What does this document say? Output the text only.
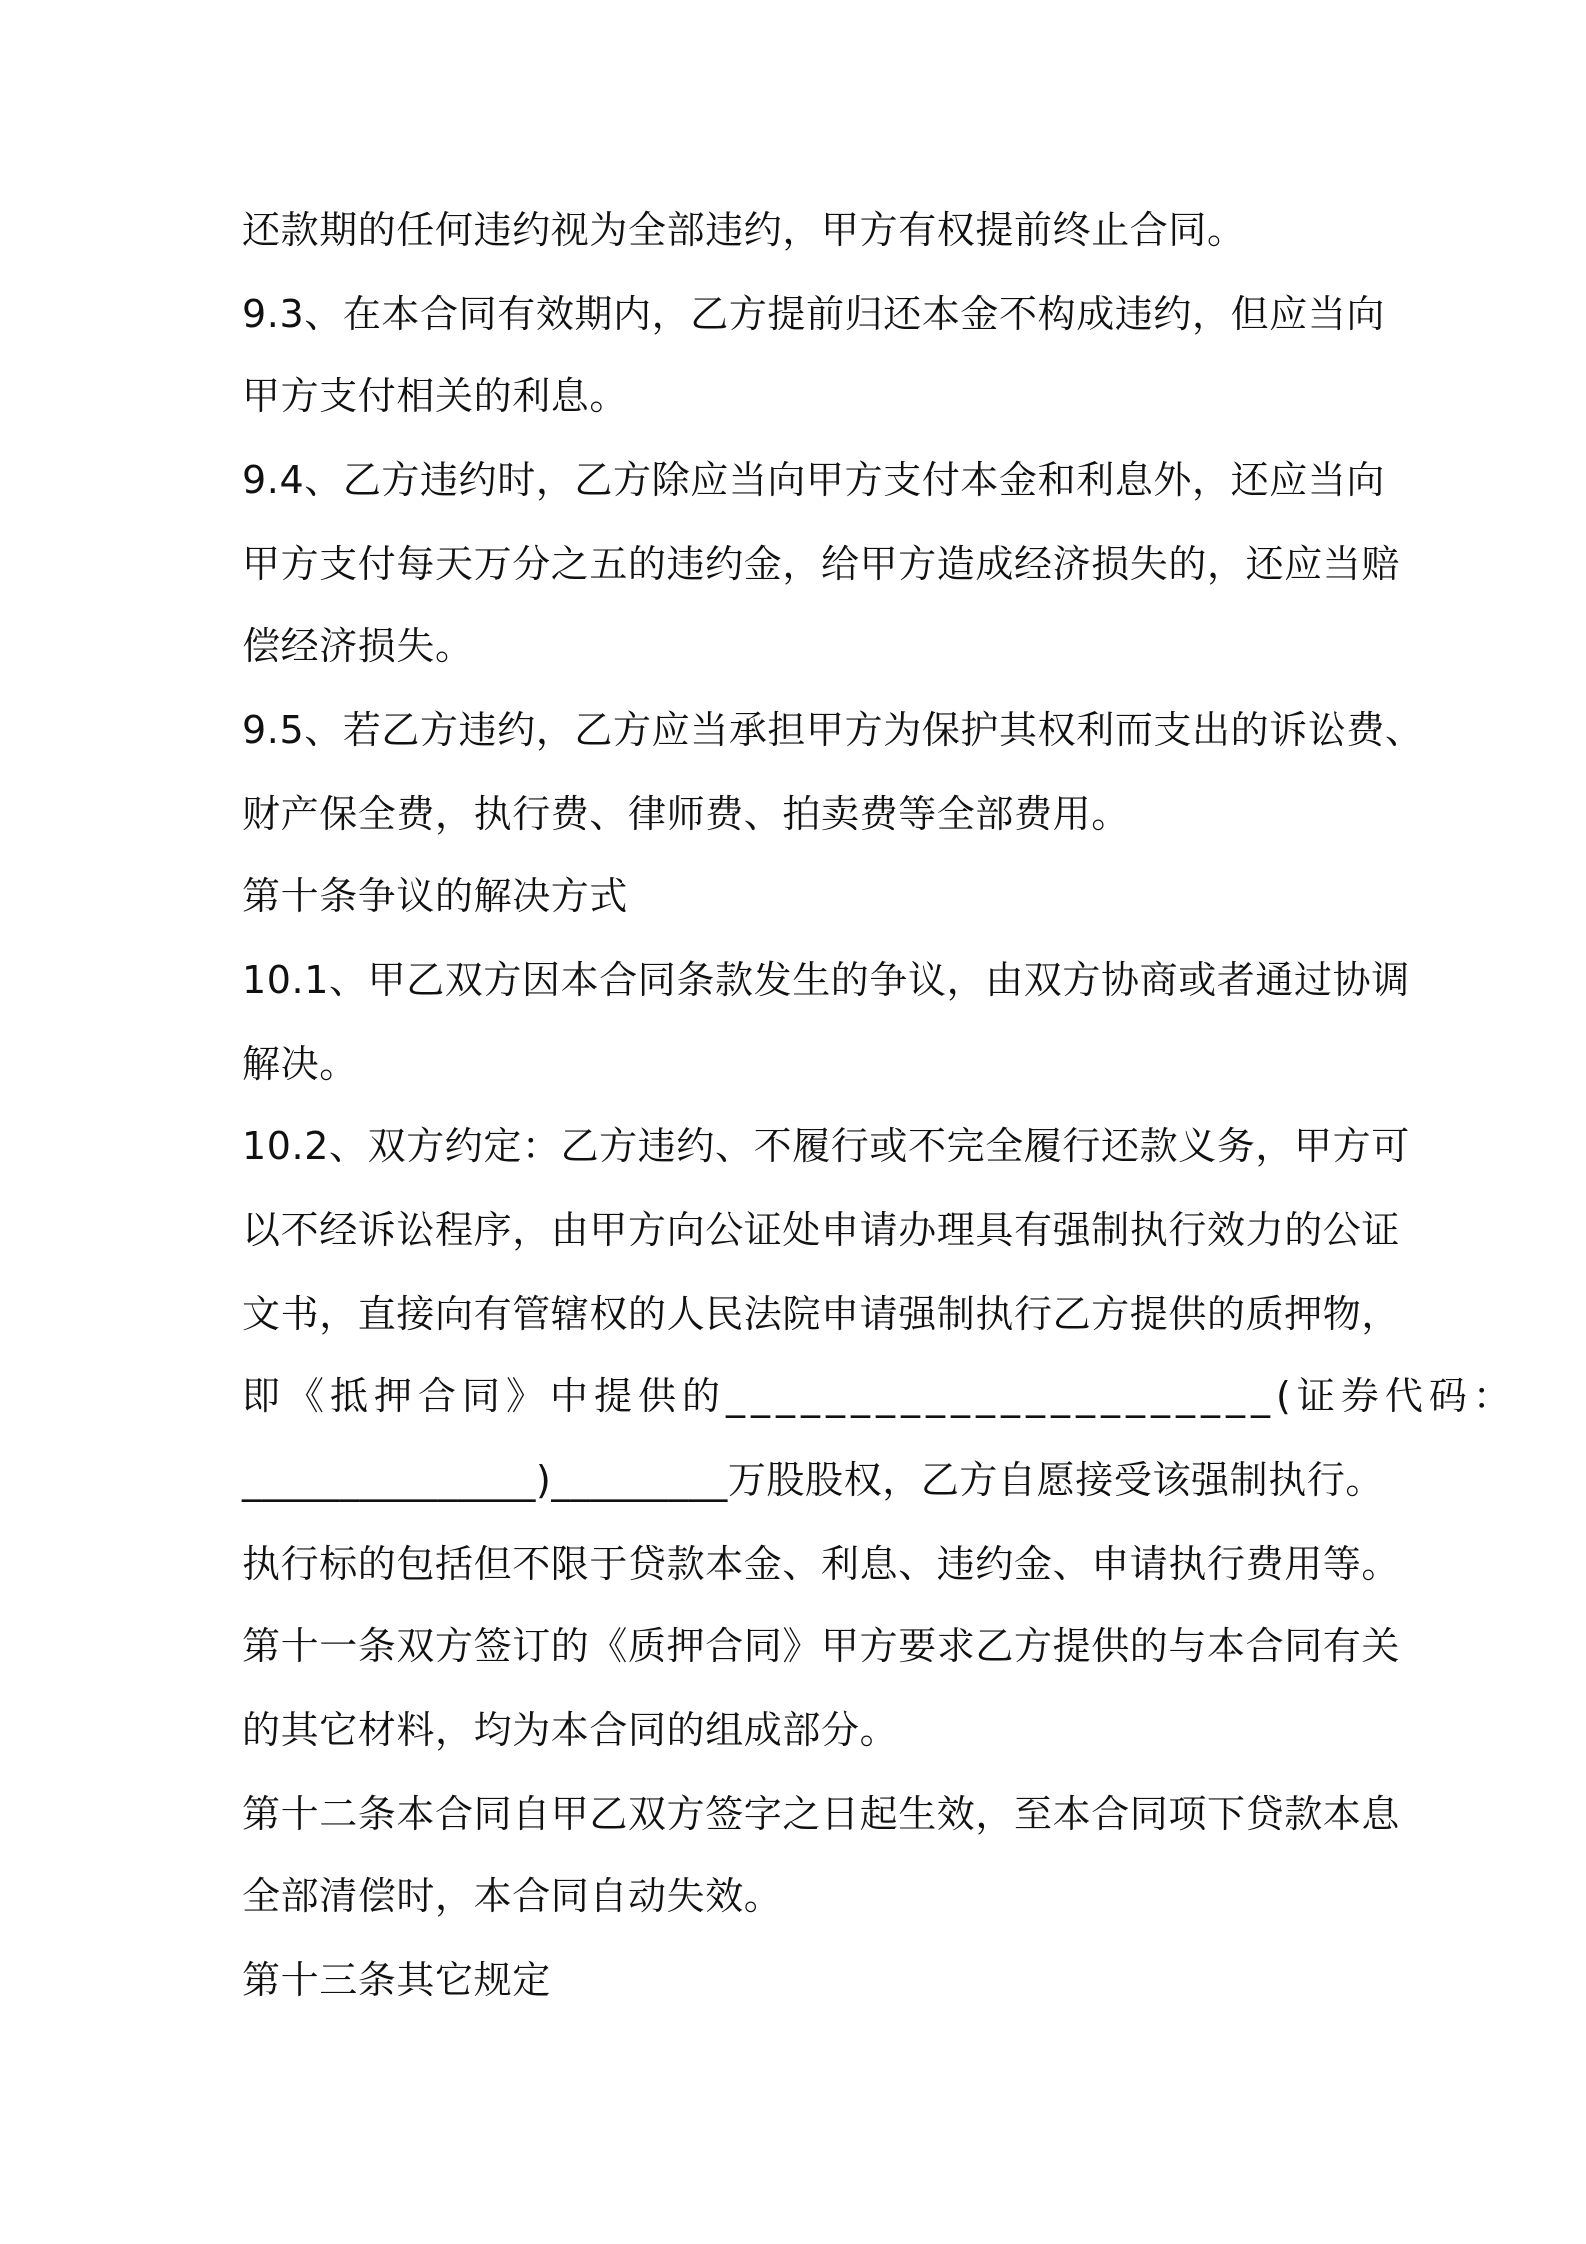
还款期的任何违约视为全部违约，甲方有权提前终止合同。

9.3、在本合同有效期内，乙方提前归还本金不构成违约，但应当向

甲方支付相关的利息。

9.4、乙方违约时，乙方除应当向甲方支付本金和利息外，还应当向

甲方支付每天万分之五的违约金，给甲方造成经济损失的，还应当赔

偿经济损失。

9.5、若乙方违约，乙方应当承担甲方为保护其权利而支出的诉讼费、

财产保全费，执行费、律师费、拍卖费等全部费用。

第十条争议的解决方式

10.1、甲乙双方因本合同条款发生的争议，由双方协商或者通过协调

解决。

10.2、双方约定：乙方违约、不履行或不完全履行还款义务，甲方可

以不经诉讼程序，由甲方向公证处申请办理具有强制执行效力的公证

文书，直接向有管辖权的人民法院申请强制执行乙方提供的质押物，

即《抵押合同》中提供的______________________(证券代码：

_______________)_________万股股权，乙方自愿接受该强制执行。

执行标的包括但不限于贷款本金、利息、违约金、申请执行费用等。

第十一条双方签订的《质押合同》甲方要求乙方提供的与本合同有关

的其它材料，均为本合同的组成部分。

第十二条本合同自甲乙双方签字之日起生效，至本合同项下贷款本息

全部清偿时，本合同自动失效。

第十三条其它规定
